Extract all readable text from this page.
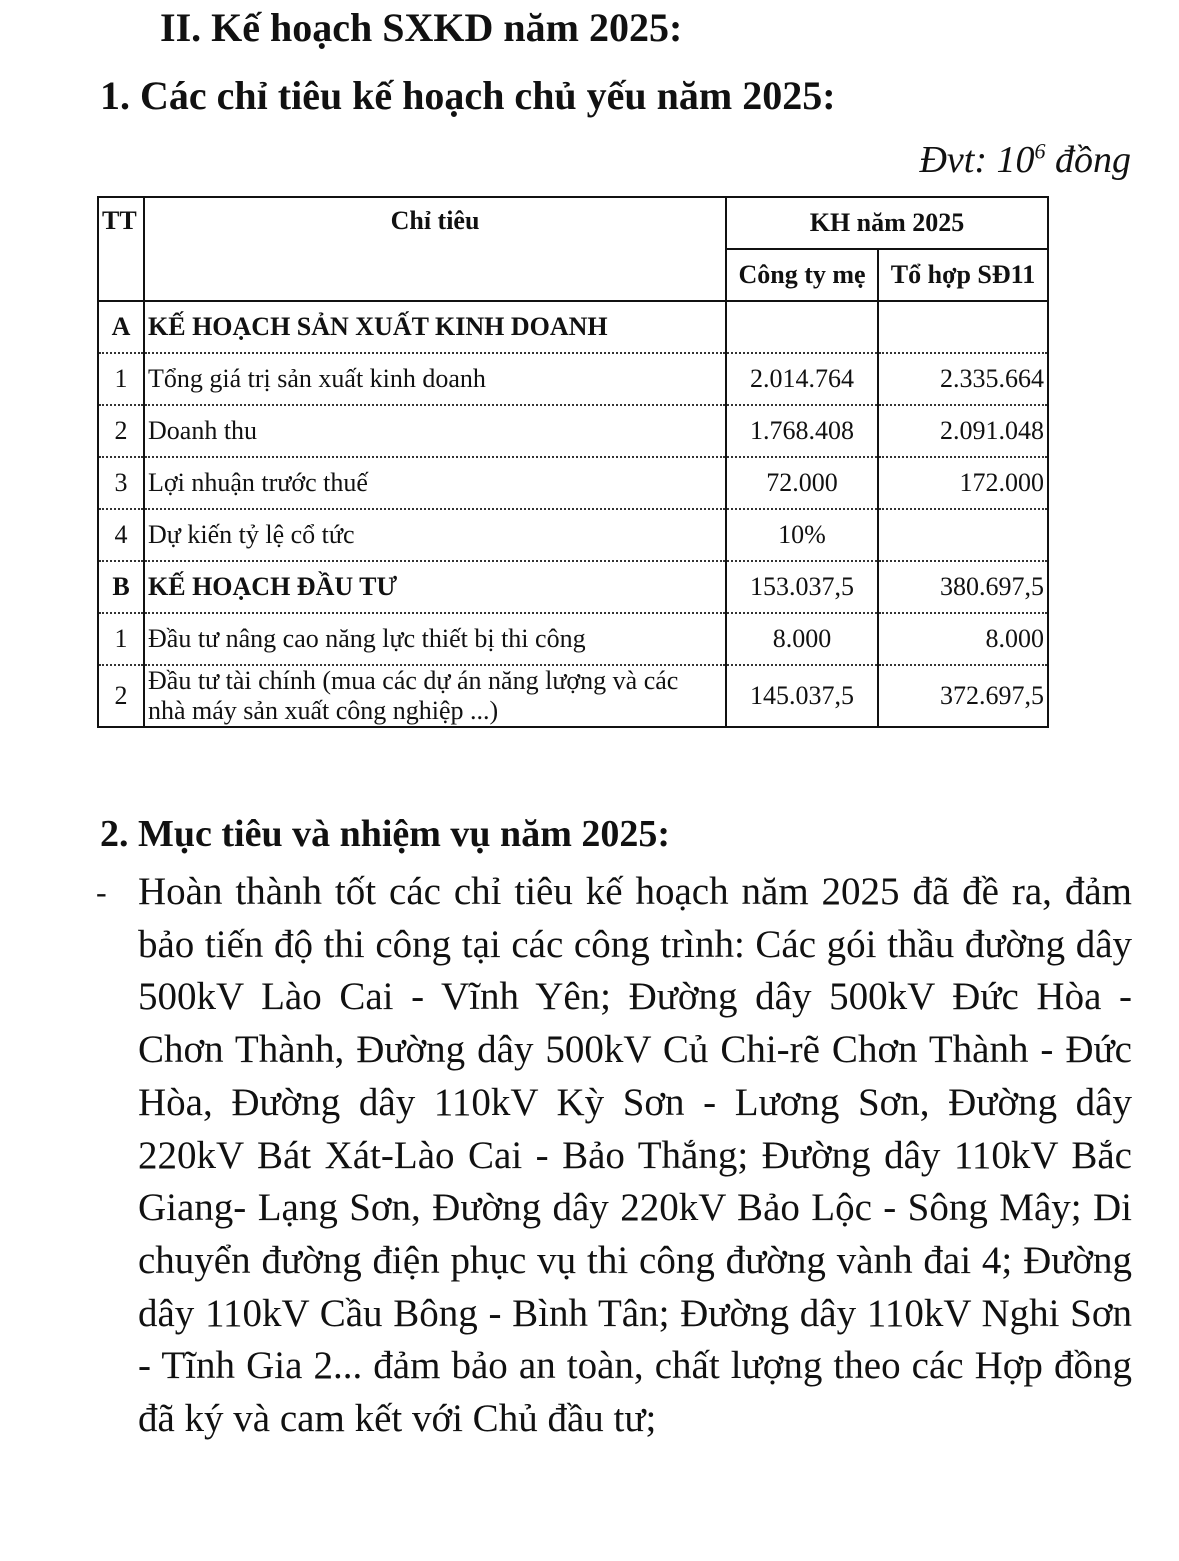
II. Kế hoạch SXKD năm 2025:
1. Các chỉ tiêu kế hoạch chủ yếu năm 2025:
Đvt: $10^6$ đồng
TT	Chỉ tiêu	KH năm 2025	
		Công ty mẹ	Tổ hợp SĐ11
A	KẾ HOẠCH SẢN XUẤT KINH DOANH		
1	Tổng giá trị sản xuất kinh doanh	2.014.764	2.335.664
2	Doanh thu	1.768.408	2.091.048
3	Lợi nhuận trước thuế	72.000	172.000
4	Dự kiến tỷ lệ cổ tức	10%	
B	KẾ HOẠCH ĐẦU TƯ	153.037,5	380.697,5
1	Đầu tư nâng cao năng lực thiết bị thi công	8.000	8.000
2	Đầu tư tài chính (mua các dự án năng lượng và các nhà máy sản xuất công nghiệp ...)	145.037,5	372.697,5
2. Mục tiêu và nhiệm vụ năm 2025:
- Hoàn thành tốt các chỉ tiêu kế hoạch năm 2025 đã đề ra, đảm bảo tiến độ thi công tại các công trình: Các gói thầu đường dây 500kV Lào Cai - Vĩnh Yên; Đường dây 500kV Đức Hòa - Chơn Thành, Đường dây 500kV Củ Chi-rẽ Chơn Thành - Đức Hòa, Đường dây 110kV Kỳ Sơn - Lương Sơn, Đường dây 220kV Bát Xát-Lào Cai - Bảo Thắng; Đường dây 110kV Bắc Giang- Lạng Sơn, Đường dây 220kV Bảo Lộc - Sông Mây; Di chuyển đường điện phục vụ thi công đường vành đai 4; Đường dây 110kV Cầu Bông - Bình Tân; Đường dây 110kV Nghi Sơn - Tĩnh Gia 2... đảm bảo an toàn, chất lượng theo các Hợp đồng đã ký và cam kết với Chủ đầu tư;
